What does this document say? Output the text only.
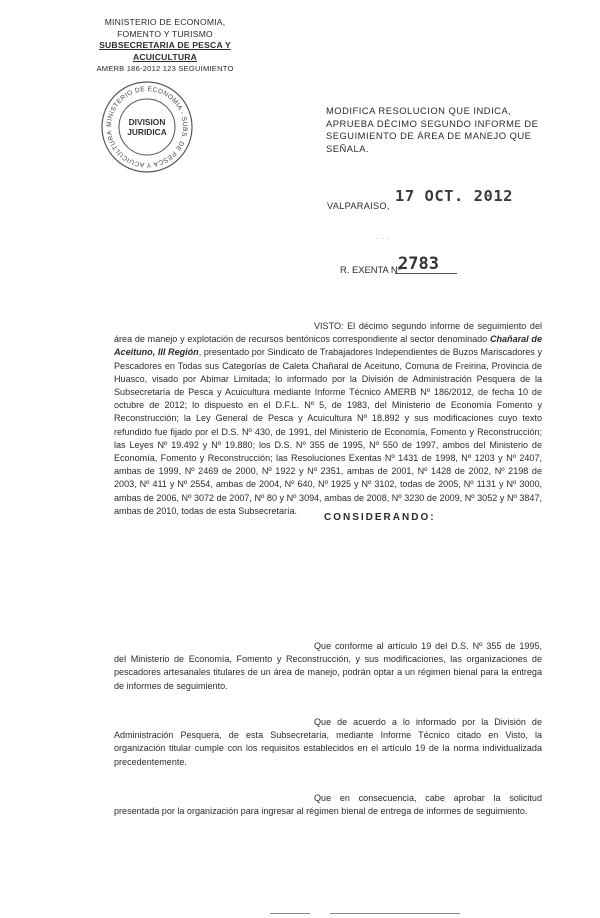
MINISTERIO DE ECONOMIA,
FOMENTO Y TURISMO
SUBSECRETARIA DE PESCA Y ACUICULTURA
AMERB 186-2012 123 SEGUIMIENTO
MINISTERIO DE ECONOMIA - SUBS. DE PESCA Y ACUICULTURA
DIVISION
JURIDICA
MODIFICA RESOLUCION QUE INDICA, APRUEBA DÉCIMO SEGUNDO INFORME DE SEGUIMIENTO DE ÁREA DE MANEJO QUE SEÑALA.
VALPARAISO,
17 OCT. 2012
· · ·
R. EXENTA Nº
2783
VISTO: El décimo segundo informe de seguimiento del área de manejo y explotación de recursos bentónicos correspondiente al sector denominado Chañaral de Aceituno, III Región, presentado por Sindicato de Trabajadores Independientes de Buzos Mariscadores y Pescadores en Todas sus Categorías de Caleta Chañaral de Aceituno, Comuna de Freirina, Provincia de Huasco, visado por Abimar Limitada; lo informado por la División de Administración Pesquera de la Subsecretaría de Pesca y Acuicultura mediante Informe Técnico AMERB Nº 186/2012, de fecha 10 de octubre de 2012; lo dispuesto en el D.F.L. Nº 5, de 1983, del Ministerio de Economía Fomento y Reconstrucción; la Ley General de Pesca y Acuicultura Nº 18.892 y sus modificaciones cuyo texto refundido fue fijado por el D.S. Nº 430, de 1991, del Ministerio de Economía, Fomento y Reconstrucción; las Leyes Nº 19.492 y Nº 19.880; los D.S. Nº 355 de 1995, Nº 550 de 1997, ambos del Ministerio de Economía, Fomento y Reconstrucción; las Resoluciones Exentas Nº 1431 de 1998, Nº 1203 y Nº 2407, ambas de 1999, Nº 2469 de 2000, Nº 1922 y Nº 2351, ambas de 2001, Nº 1428 de 2002, Nº 2198 de 2003, Nº 411 y Nº 2554, ambas de 2004, Nº 640, Nº 1925 y Nº 3102, todas de 2005, Nº 1131 y Nº 3000, ambas de 2006, Nº 3072 de 2007, Nº 80 y Nº 3094, ambas de 2008, Nº 3230 de 2009, Nº 3052 y Nº 3847, ambas de 2010, todas de esta Subsecretaría.
CONSIDERANDO:
Que conforme al artículo 19 del D.S. Nº 355 de 1995, del Ministerio de Economía, Fomento y Reconstrucción, y sus modificaciones, las organizaciones de pescadores artesanales titulares de un área de manejo, podrán optar a un régimen bienal para la entrega de informes de seguimiento.
Que de acuerdo a lo informado por la División de Administración Pesquera, de esta Subsecretaría, mediante Informe Técnico citado en Visto, la organización titular cumple con los requisitos establecidos en el artículo 19 de la norma individualizada precedentemente.
Que en consecuencia, cabe aprobar la solicitud presentada por la organización para ingresar al régimen bienal de entrega de informes de seguimiento.
